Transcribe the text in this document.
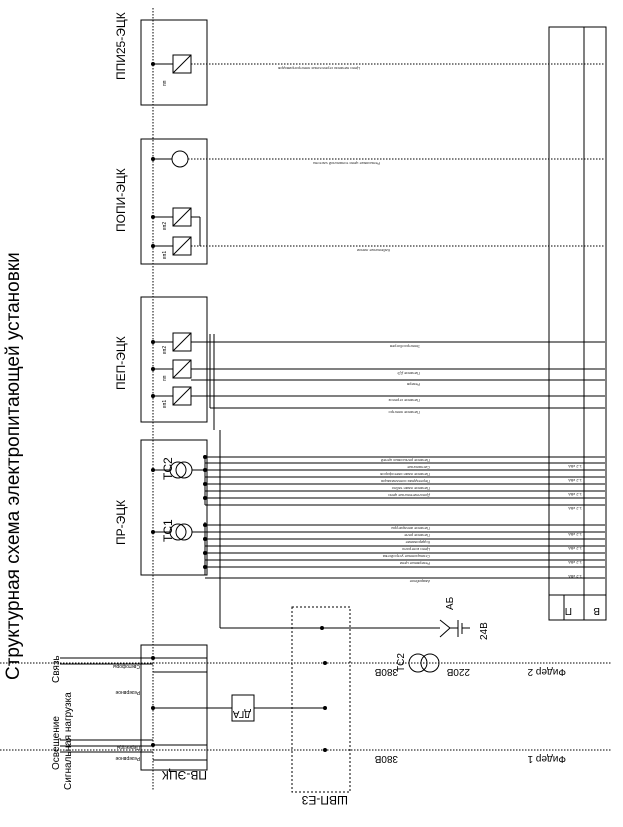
Структурная схема электропитающей установки
ППИ25-ЭЦК
ПОПИ-ЭЦК
ПЕП-ЭЦК
ПР-ЭЦК
ПВ-ЭЦК
ШВП-Е3
пп
вп2
вп1
вп2
пп
вп1
ТС2
ТС1
Связь
Освещение Сигнальная нагрузка
Светофоры
Резервное
Переезды
Резервное
ДГА
ТС2
АБ
24В
380В
380В
220В
Фидер 1
Фидер 2
П В
Цепи питания стрелочных электроприводов
Рельсовые цепи тональной частоты
Кабельные линии
Электрообогрев
Питание ДЭ
Резерв
Питание стрелок
Питание электро
Питание рельсовых цепей
Сигнальные
Питание ламп светофоров
Переездная сигнализация
Питание ламп табло
Дополнительные цепи
Питание аппаратуры
Питание реле
Кодирование
Цепи контроля
Станционные устройства
Резервные цепи
Аварийное
1-2 кВА
1-2 кВА
1-2 кВА
1-2 кВА
1-2 кВА
1-2 кВА
1-2 кВА
1-2 кВА
